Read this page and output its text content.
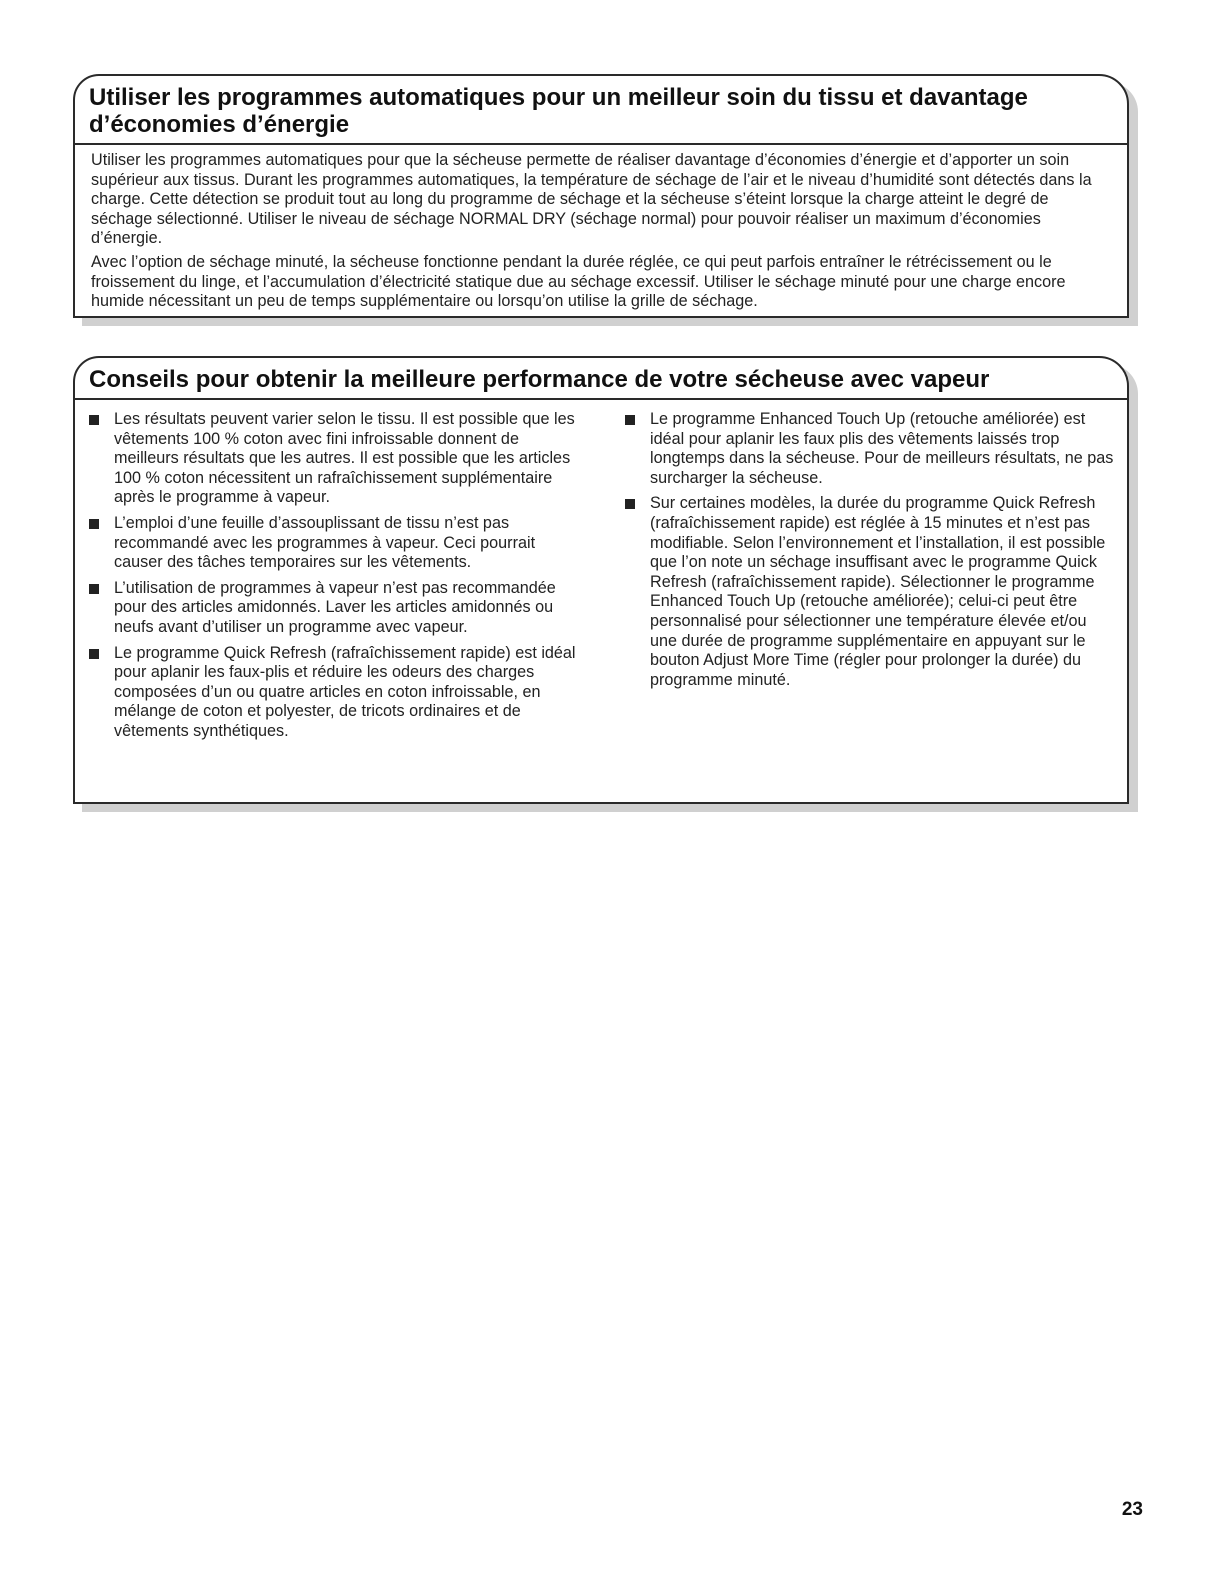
Utiliser les programmes automatiques pour un meilleur soin du tissu et davantage d’économies d’énergie

Utiliser les programmes automatiques pour que la sécheuse permette de réaliser davantage d’économies d’énergie et d’apporter un soin supérieur aux tissus. Durant les programmes automatiques, la température de séchage de l’air et le niveau d’humidité sont détectés dans la charge. Cette détection se produit tout au long du programme de séchage et la sécheuse s’éteint lorsque la charge atteint le degré de séchage sélectionné. Utiliser le niveau de séchage NORMAL DRY (séchage normal) pour pouvoir réaliser un maximum d’économies d’énergie.

Avec l’option de séchage minuté, la sécheuse fonctionne pendant la durée réglée, ce qui peut parfois entraîner le rétrécissement ou le froissement du linge, et l’accumulation d’électricité statique due au séchage excessif. Utiliser le séchage minuté pour une charge encore humide nécessitant un peu de temps supplémentaire ou lorsqu’on utilise la grille de séchage.

Conseils pour obtenir la meilleure performance de votre sécheuse avec vapeur
Les résultats peuvent varier selon le tissu. Il est possible que les vêtements 100 % coton avec fini infroissable donnent de meilleurs résultats que les autres. Il est possible que les articles 100 % coton nécessitent un rafraîchissement supplémentaire après le programme à vapeur.
L’emploi d’une feuille d’assouplissant de tissu n’est pas recommandé avec les programmes à vapeur. Ceci pourrait causer des tâches temporaires sur les vêtements.
L’utilisation de programmes à vapeur n’est pas recommandée pour des articles amidonnés. Laver les articles amidonnés ou neufs avant d’utiliser un programme avec vapeur.
Le programme Quick Refresh (rafraîchissement rapide) est idéal pour aplanir les faux-plis et réduire les odeurs des charges composées d’un ou quatre articles en coton infroissable, en mélange de coton et polyester, de tricots ordinaires et de vêtements synthétiques.
Le programme Enhanced Touch Up (retouche améliorée) est idéal pour aplanir les faux plis des vêtements laissés trop longtemps dans la sécheuse. Pour de meilleurs résultats, ne pas surcharger la sécheuse.
Sur certaines modèles, la durée du programme Quick Refresh (rafraîchissement rapide) est réglée à 15 minutes et n’est pas modifiable. Selon l’environnement et l’installation, il est possible que l’on note un séchage insuffisant avec le programme Quick Refresh (rafraîchissement rapide). Sélectionner le programme Enhanced Touch Up (retouche améliorée); celui-ci peut être personnalisé pour sélectionner une température élevée et/ou une durée de programme supplémentaire en appuyant sur le bouton Adjust More Time (régler pour prolonger la durée) du programme minuté.
23
